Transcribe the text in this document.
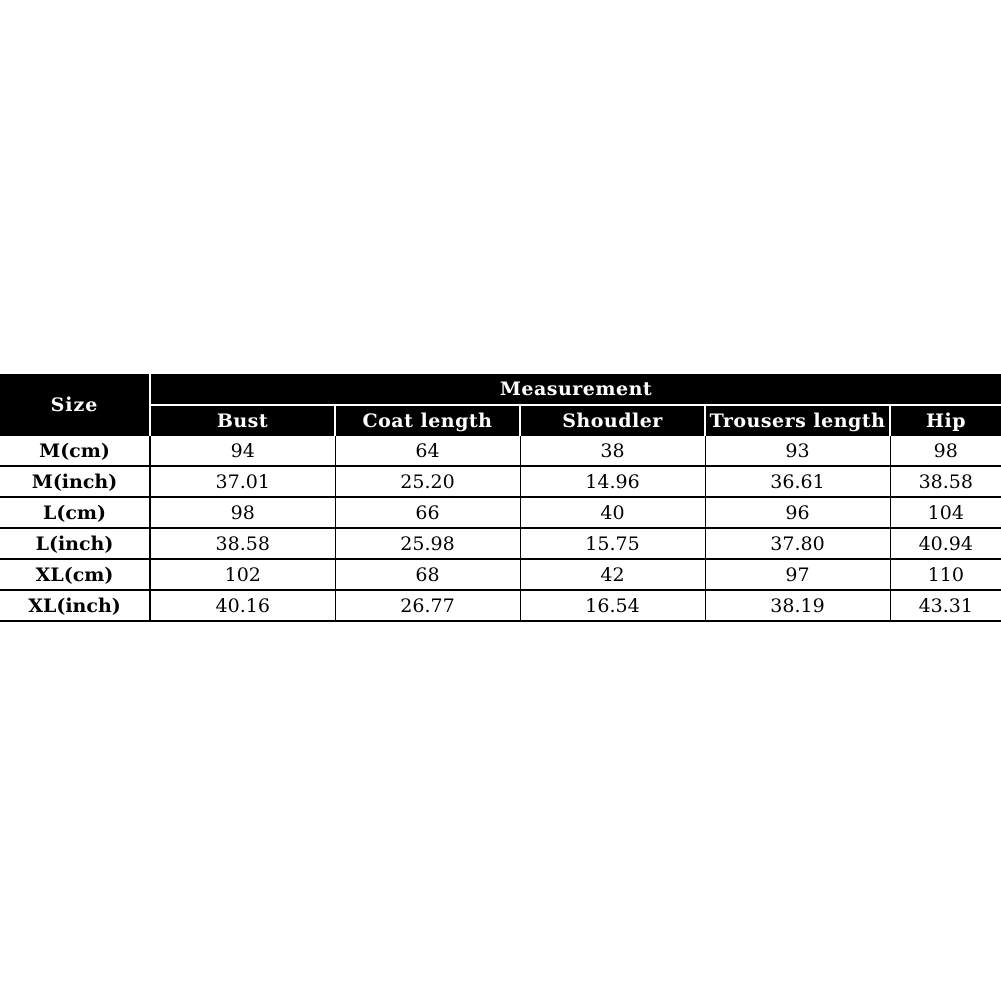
Size	Measurement				
	Bust	Coat length	Shoudler	Trousers length	Hip
M(cm)	94	64	38	93	98
M(inch)	37.01	25.20	14.96	36.61	38.58
L(cm)	98	66	40	96	104
L(inch)	38.58	25.98	15.75	37.80	40.94
XL(cm)	102	68	42	97	110
XL(inch)	40.16	26.77	16.54	38.19	43.31
